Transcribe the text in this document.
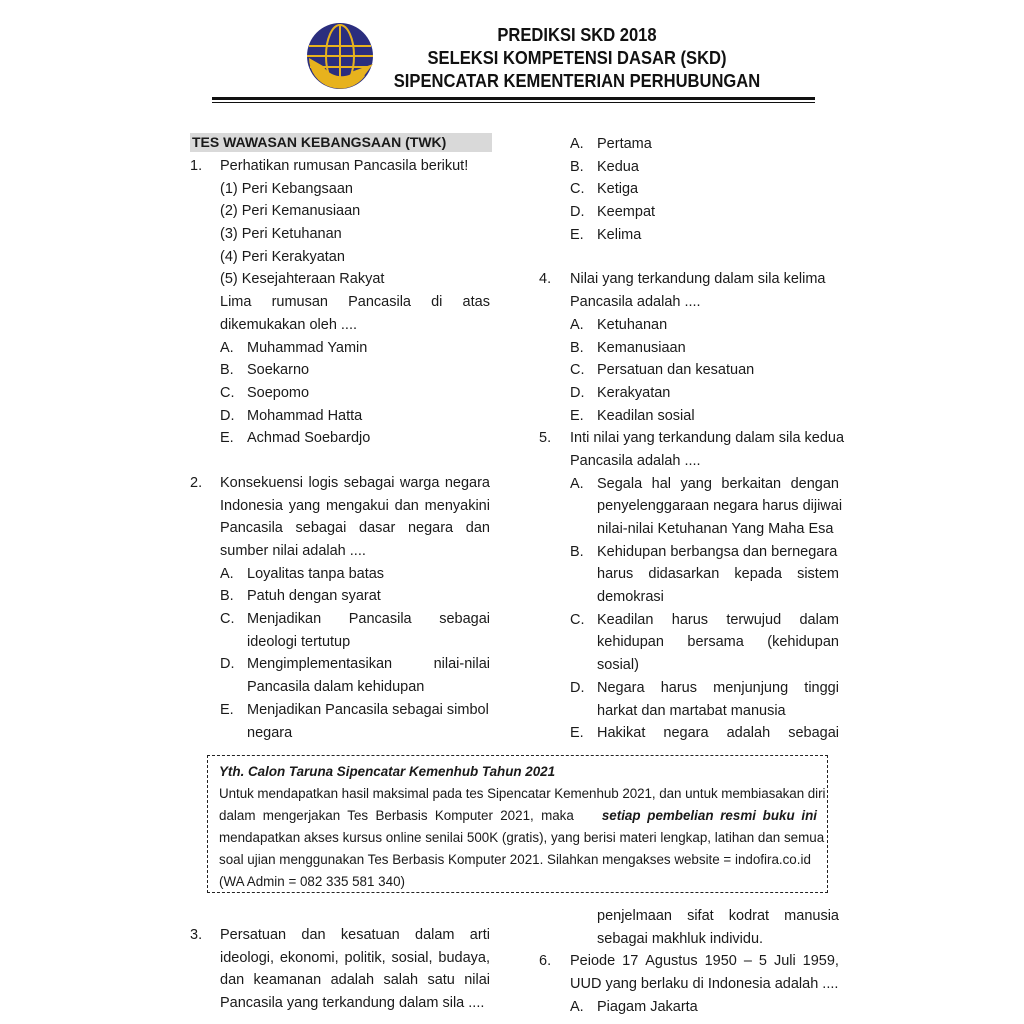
PREDIKSI SKD 2018
SELEKSI KOMPETENSI DASAR (SKD)
SIPENCATAR KEMENTERIAN PERHUBUNGAN
TES WAWASAN KEBANGSAAN (TWK)
1. Perhatikan rumusan Pancasila berikut!
(1) Peri Kebangsaan
(2) Peri Kemanusiaan
(3) Peri Ketuhanan
(4) Peri Kerakyatan
(5) Kesejahteraan Rakyat
Lima rumusan Pancasila di atas
dikemukakan oleh ....
A. Muhammad Yamin
B. Soekarno
C. Soepomo
D. Mohammad Hatta
E. Achmad Soebardjo
2. Konsekuensi logis sebagai warga negara
Indonesia yang mengakui dan menyakini
Pancasila sebagai dasar negara dan
sumber nilai adalah ....
A. Loyalitas tanpa batas
B. Patuh dengan syarat
C. Menjadikan Pancasila sebagai
ideologi tertutup
D. Mengimplementasikan	nilai-nilai
Pancasila dalam kehidupan
E. Menjadikan Pancasila sebagai simbol
negara
A. Pertama
B. Kedua
C. Ketiga
D. Keempat
E. Kelima
4. Nilai yang terkandung dalam sila kelima
Pancasila adalah ....
A. Ketuhanan
B. Kemanusiaan
C. Persatuan dan kesatuan
D. Kerakyatan
E. Keadilan sosial
5. Inti nilai yang terkandung dalam sila kedua
Pancasila adalah ....
A. Segala hal yang berkaitan dengan
penyelenggaraan negara harus dijiwai
nilai-nilai Ketuhanan Yang Maha Esa
B. Kehidupan berbangsa dan bernegara
harus didasarkan kepada sistem
demokrasi
C. Keadilan harus terwujud dalam
kehidupan bersama (kehidupan
sosial)
D. Negara harus menjunjung tinggi
harkat dan martabat manusia
E. Hakikat negara adalah sebagai
Yth. Calon Taruna Sipencatar Kemenhub Tahun 2021
Untuk mendapatkan hasil maksimal pada tes Sipencatar Kemenhub 2021, dan untuk membiasakan diri
dalam mengerjakan Tes Berbasis Komputer 2021, maka setiap pembelian resmi buku ini
mendapatkan akses kursus online senilai 500K (gratis), yang berisi materi lengkap, latihan dan semua
soal ujian menggunakan Tes Berbasis Komputer 2021. Silahkan mengakses website = indofira.co.id
(WA Admin = 082 335 581 340)
3. Persatuan dan kesatuan dalam arti
ideologi, ekonomi, politik, sosial, budaya,
dan keamanan adalah salah satu nilai
Pancasila yang terkandung dalam sila ....
penjelmaan sifat kodrat manusia
sebagai makhluk individu.
6. Peiode 17 Agustus 1950 – 5 Juli 1959,
UUD yang berlaku di Indonesia adalah ....
A. Piagam Jakarta
